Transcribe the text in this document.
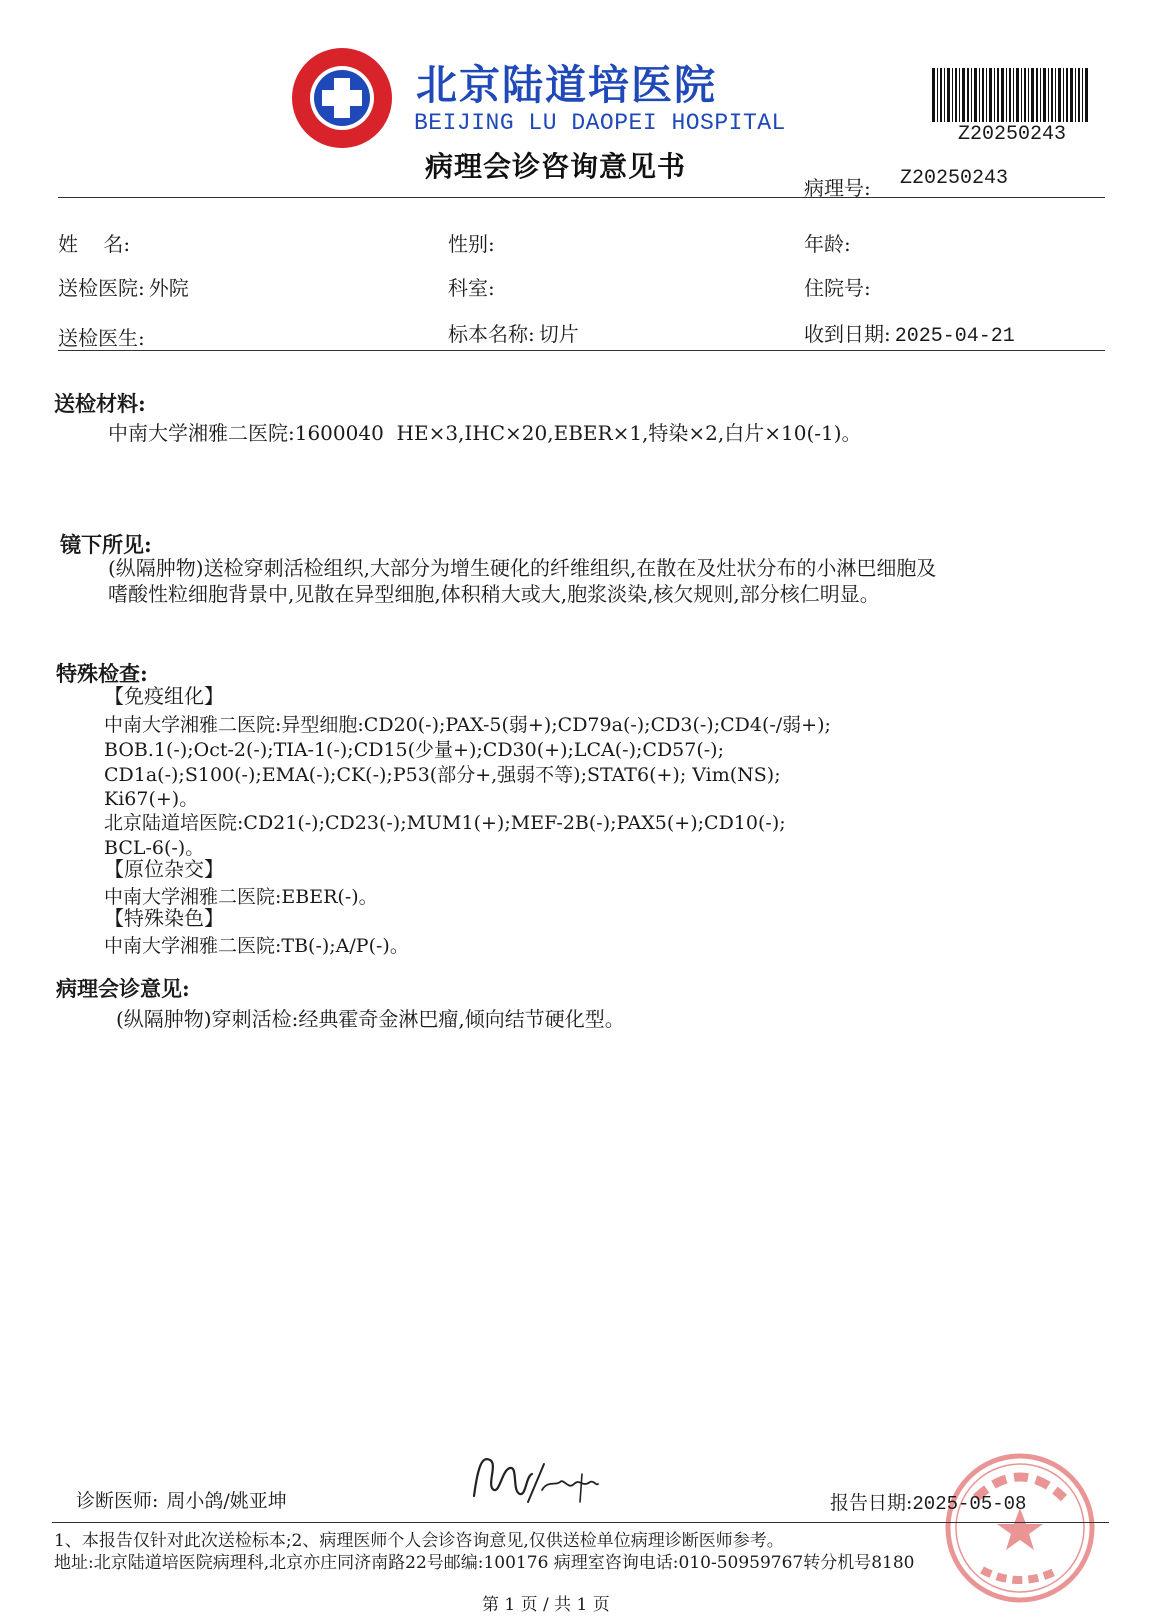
北京陆道培医院
BEIJING LU DAOPEI HOSPITAL
病理会诊咨询意见书
Z20250243
病理号: Z20250243
姓    名:	性别:	年龄:
送检医院: 外院	科室:	住院号:
送检医生:	标本名称: 切片	收到日期: 2025-04-21
送检材料:
中南大学湘雅二医院:1600040  HE×3,IHC×20,EBER×1,特染×2,白片×10(-1)。
镜下所见:
(纵隔肿物)送检穿刺活检组织,大部分为增生硬化的纤维组织,在散在及灶状分布的小淋巴细胞及
嗜酸性粒细胞背景中,见散在异型细胞,体积稍大或大,胞浆淡染,核欠规则,部分核仁明显。
特殊检查:
【免疫组化】
中南大学湘雅二医院:异型细胞:CD20(-);PAX-5(弱+);CD79a(-);CD3(-);CD4(-/弱+);
BOB.1(-);Oct-2(-);TIA-1(-);CD15(少量+);CD30(+);LCA(-);CD57(-);
CD1a(-);S100(-);EMA(-);CK(-);P53(部分+,强弱不等);STAT6(+); Vim(NS);
Ki67(+)。
北京陆道培医院:CD21(-);CD23(-);MUM1(+);MEF-2B(-);PAX5(+);CD10(-);
BCL-6(-)。
【原位杂交】
中南大学湘雅二医院:EBER(-)。
【特殊染色】
中南大学湘雅二医院:TB(-);A/P(-)。
病理会诊意见:
(纵隔肿物)穿刺活检:经典霍奇金淋巴瘤,倾向结节硬化型。
诊断医师: 周小鸽/姚亚坤	报告日期:2025-05-08
1、本报告仅针对此次送检标本;2、病理医师个人会诊咨询意见,仅供送检单位病理诊断医师参考。
地址:北京陆道培医院病理科,北京亦庄同济南路22号邮编:100176 病理室咨询电话:010-50959767转分机号8180
第 1 页 / 共 1 页
